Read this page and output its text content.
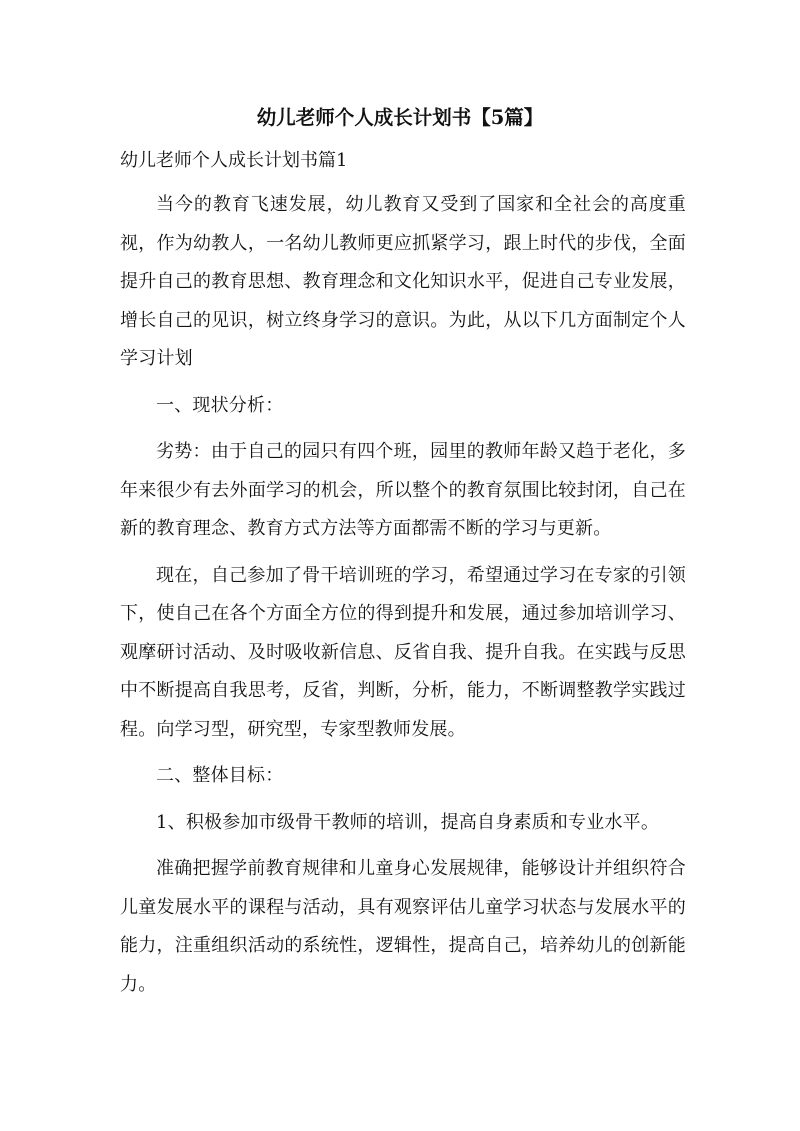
幼儿老师个人成长计划书【5篇】

幼儿老师个人成长计划书篇1

当今的教育飞速发展，幼儿教育又受到了国家和全社会的高度重视，作为幼教人，一名幼儿教师更应抓紧学习，跟上时代的步伐，全面提升自己的教育思想、教育理念和文化知识水平，促进自己专业发展，增长自己的见识，树立终身学习的意识。为此，从以下几方面制定个人学习计划

一、现状分析：

劣势：由于自己的园只有四个班，园里的教师年龄又趋于老化，多年来很少有去外面学习的机会，所以整个的教育氛围比较封闭，自己在新的教育理念、教育方式方法等方面都需不断的学习与更新。

现在，自己参加了骨干培训班的学习，希望通过学习在专家的引领下，使自己在各个方面全方位的得到提升和发展，通过参加培训学习、观摩研讨活动、及时吸收新信息、反省自我、提升自我。在实践与反思中不断提高自我思考，反省，判断，分析，能力，不断调整教学实践过程。向学习型，研究型，专家型教师发展。

二、整体目标：

1、积极参加市级骨干教师的培训，提高自身素质和专业水平。

准确把握学前教育规律和儿童身心发展规律，能够设计并组织符合儿童发展水平的课程与活动，具有观察评估儿童学习状态与发展水平的能力，注重组织活动的系统性，逻辑性，提高自己，培养幼儿的创新能力。
